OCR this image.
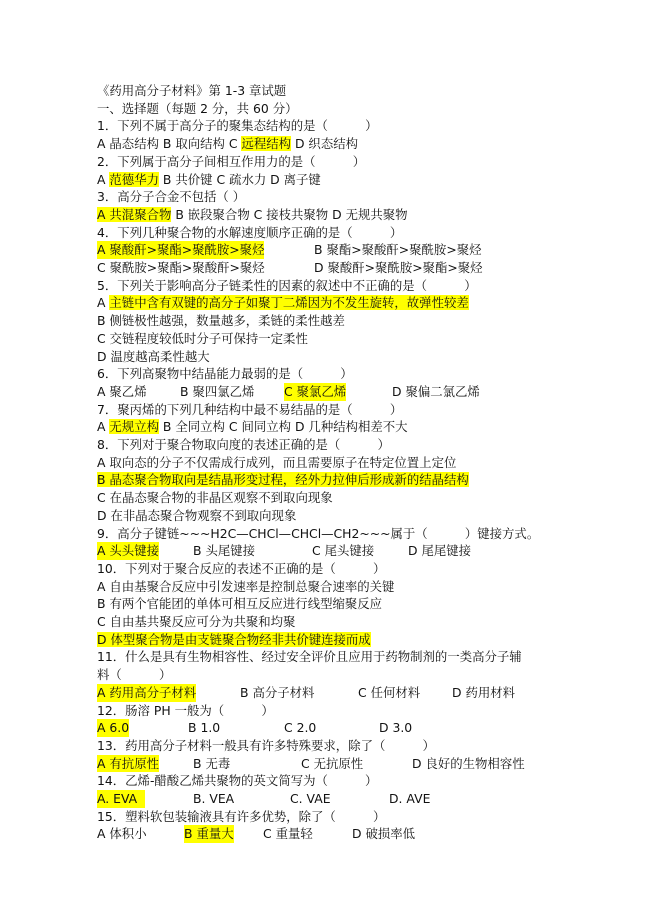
《药用高分子材料》第 1-3 章试题
一、选择题（每题 2 分，共 60 分）
1．下列不属于高分子的聚集态结构的是（　　　）
A 晶态结构 B 取向结构 C 远程结构 D 织态结构
2．下列属于高分子间相互作用力的是（　　　）
A 范德华力 B 共价键 C 疏水力 D 离子键
3．高分子合金不包括（ ）
A 共混聚合物 B 嵌段聚合物 C 接枝共聚物 D 无规共聚物
4．下列几种聚合物的水解速度顺序正确的是（　　　）
A 聚酸酐>聚酯>聚酰胺>聚烃	B 聚酯>聚酸酐>聚酰胺>聚烃
C 聚酰胺>聚酯>聚酸酐>聚烃	D 聚酸酐>聚酰胺>聚酯>聚烃
5．下列关于影响高分子链柔性的因素的叙述中不正确的是（　　　）
A 主链中含有双键的高分子如聚丁二烯因为不发生旋转，故弹性较差
B 侧链极性越强，数量越多，柔链的柔性越差
C 交链程度较低时分子可保持一定柔性
D 温度越高柔性越大
6．下列高聚物中结晶能力最弱的是（　　　）
A 聚乙烯	B 聚四氯乙烯 C 聚氯乙烯	D 聚偏二氯乙烯
7．聚丙烯的下列几种结构中最不易结晶的是（　　　）
A 无规立构 B 全同立构 C 间同立构 D 几种结构相差不大
8．下列对于聚合物取向度的表述正确的是（　　　）
A 取向态的分子不仅需成行成列，而且需要原子在特定位置上定位
B 晶态聚合物取向是结晶形变过程，经外力拉伸后形成新的结晶结构
C 在晶态聚合物的非晶区观察不到取向现象
D 在非晶态聚合物观察不到取向现象
9．高分子键链~~~H2C—CHCl—CHCl—CH2~~~属于（　　　）键接方式。
A 头头键接	B 头尾键接	C 尾头键接	D 尾尾键接
10．下列对于聚合反应的表述不正确的是（　　　）
A 自由基聚合反应中引发速率是控制总聚合速率的关键
B 有两个官能团的单体可相互反应进行线型缩聚反应
C 自由基共聚反应可分为共聚和均聚
D 体型聚合物是由支链聚合物经非共价键连接而成
11．什么是具有生物相容性、经过安全评价且应用于药物制剂的一类高分子辅
料（　　　）
A 药用高分子材料	B 高分子材料	C 任何材料	D 药用材料
12．肠溶 PH 一般为（　　　）
A 6.0	B 1.0	C 2.0	D 3.0
13．药用高分子材料一般具有许多特殊要求，除了（　　　）
A 有抗原性	B 无毒	C 无抗原性	D 良好的生物相容性
14．乙烯-醋酸乙烯共聚物的英文简写为（　　　）
A. EVA	B. VEA	C. VAE	D. AVE
15．塑料软包装输液具有许多优势，除了（　　　）
A 体积小	B 重量大 C 重量轻	D 破损率低
